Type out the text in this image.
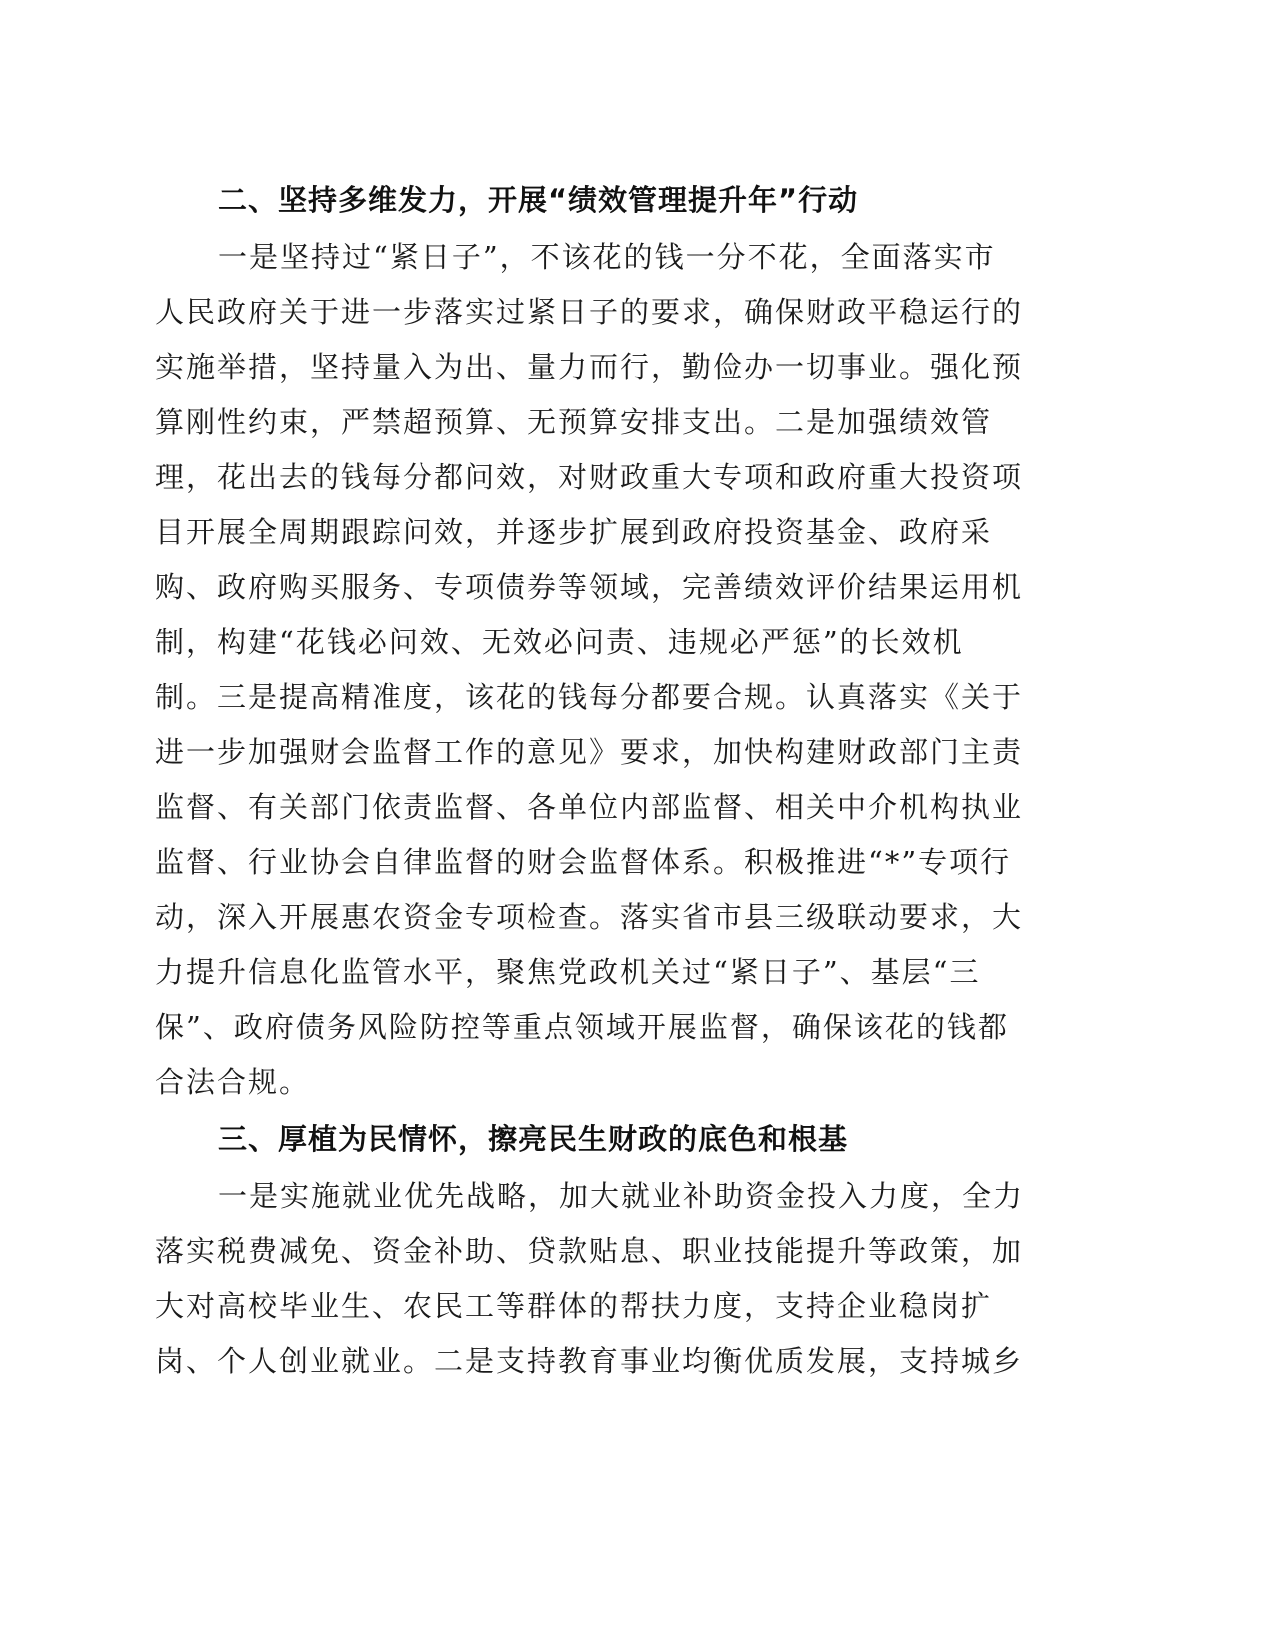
二、坚持多维发力，开展“绩效管理提升年”行动
一是坚持过“紧日子”，不该花的钱一分不花，全面落实市
人民政府关于进一步落实过紧日子的要求，确保财政平稳运行的
实施举措，坚持量入为出、量力而行，勤俭办一切事业。强化预
算刚性约束，严禁超预算、无预算安排支出。二是加强绩效管
理，花出去的钱每分都问效，对财政重大专项和政府重大投资项
目开展全周期跟踪问效，并逐步扩展到政府投资基金、政府采
购、政府购买服务、专项债券等领域，完善绩效评价结果运用机
制，构建“花钱必问效、无效必问责、违规必严惩”的长效机
制。三是提高精准度，该花的钱每分都要合规。认真落实《关于
进一步加强财会监督工作的意见》要求，加快构建财政部门主责
监督、有关部门依责监督、各单位内部监督、相关中介机构执业
监督、行业协会自律监督的财会监督体系。积极推进“*”专项行
动，深入开展惠农资金专项检查。落实省市县三级联动要求，大
力提升信息化监管水平，聚焦党政机关过“紧日子”、基层“三
保”、政府债务风险防控等重点领域开展监督，确保该花的钱都
合法合规。
三、厚植为民情怀，擦亮民生财政的底色和根基
一是实施就业优先战略，加大就业补助资金投入力度，全力
落实税费减免、资金补助、贷款贴息、职业技能提升等政策，加
大对高校毕业生、农民工等群体的帮扶力度，支持企业稳岗扩
岗、个人创业就业。二是支持教育事业均衡优质发展，支持城乡
